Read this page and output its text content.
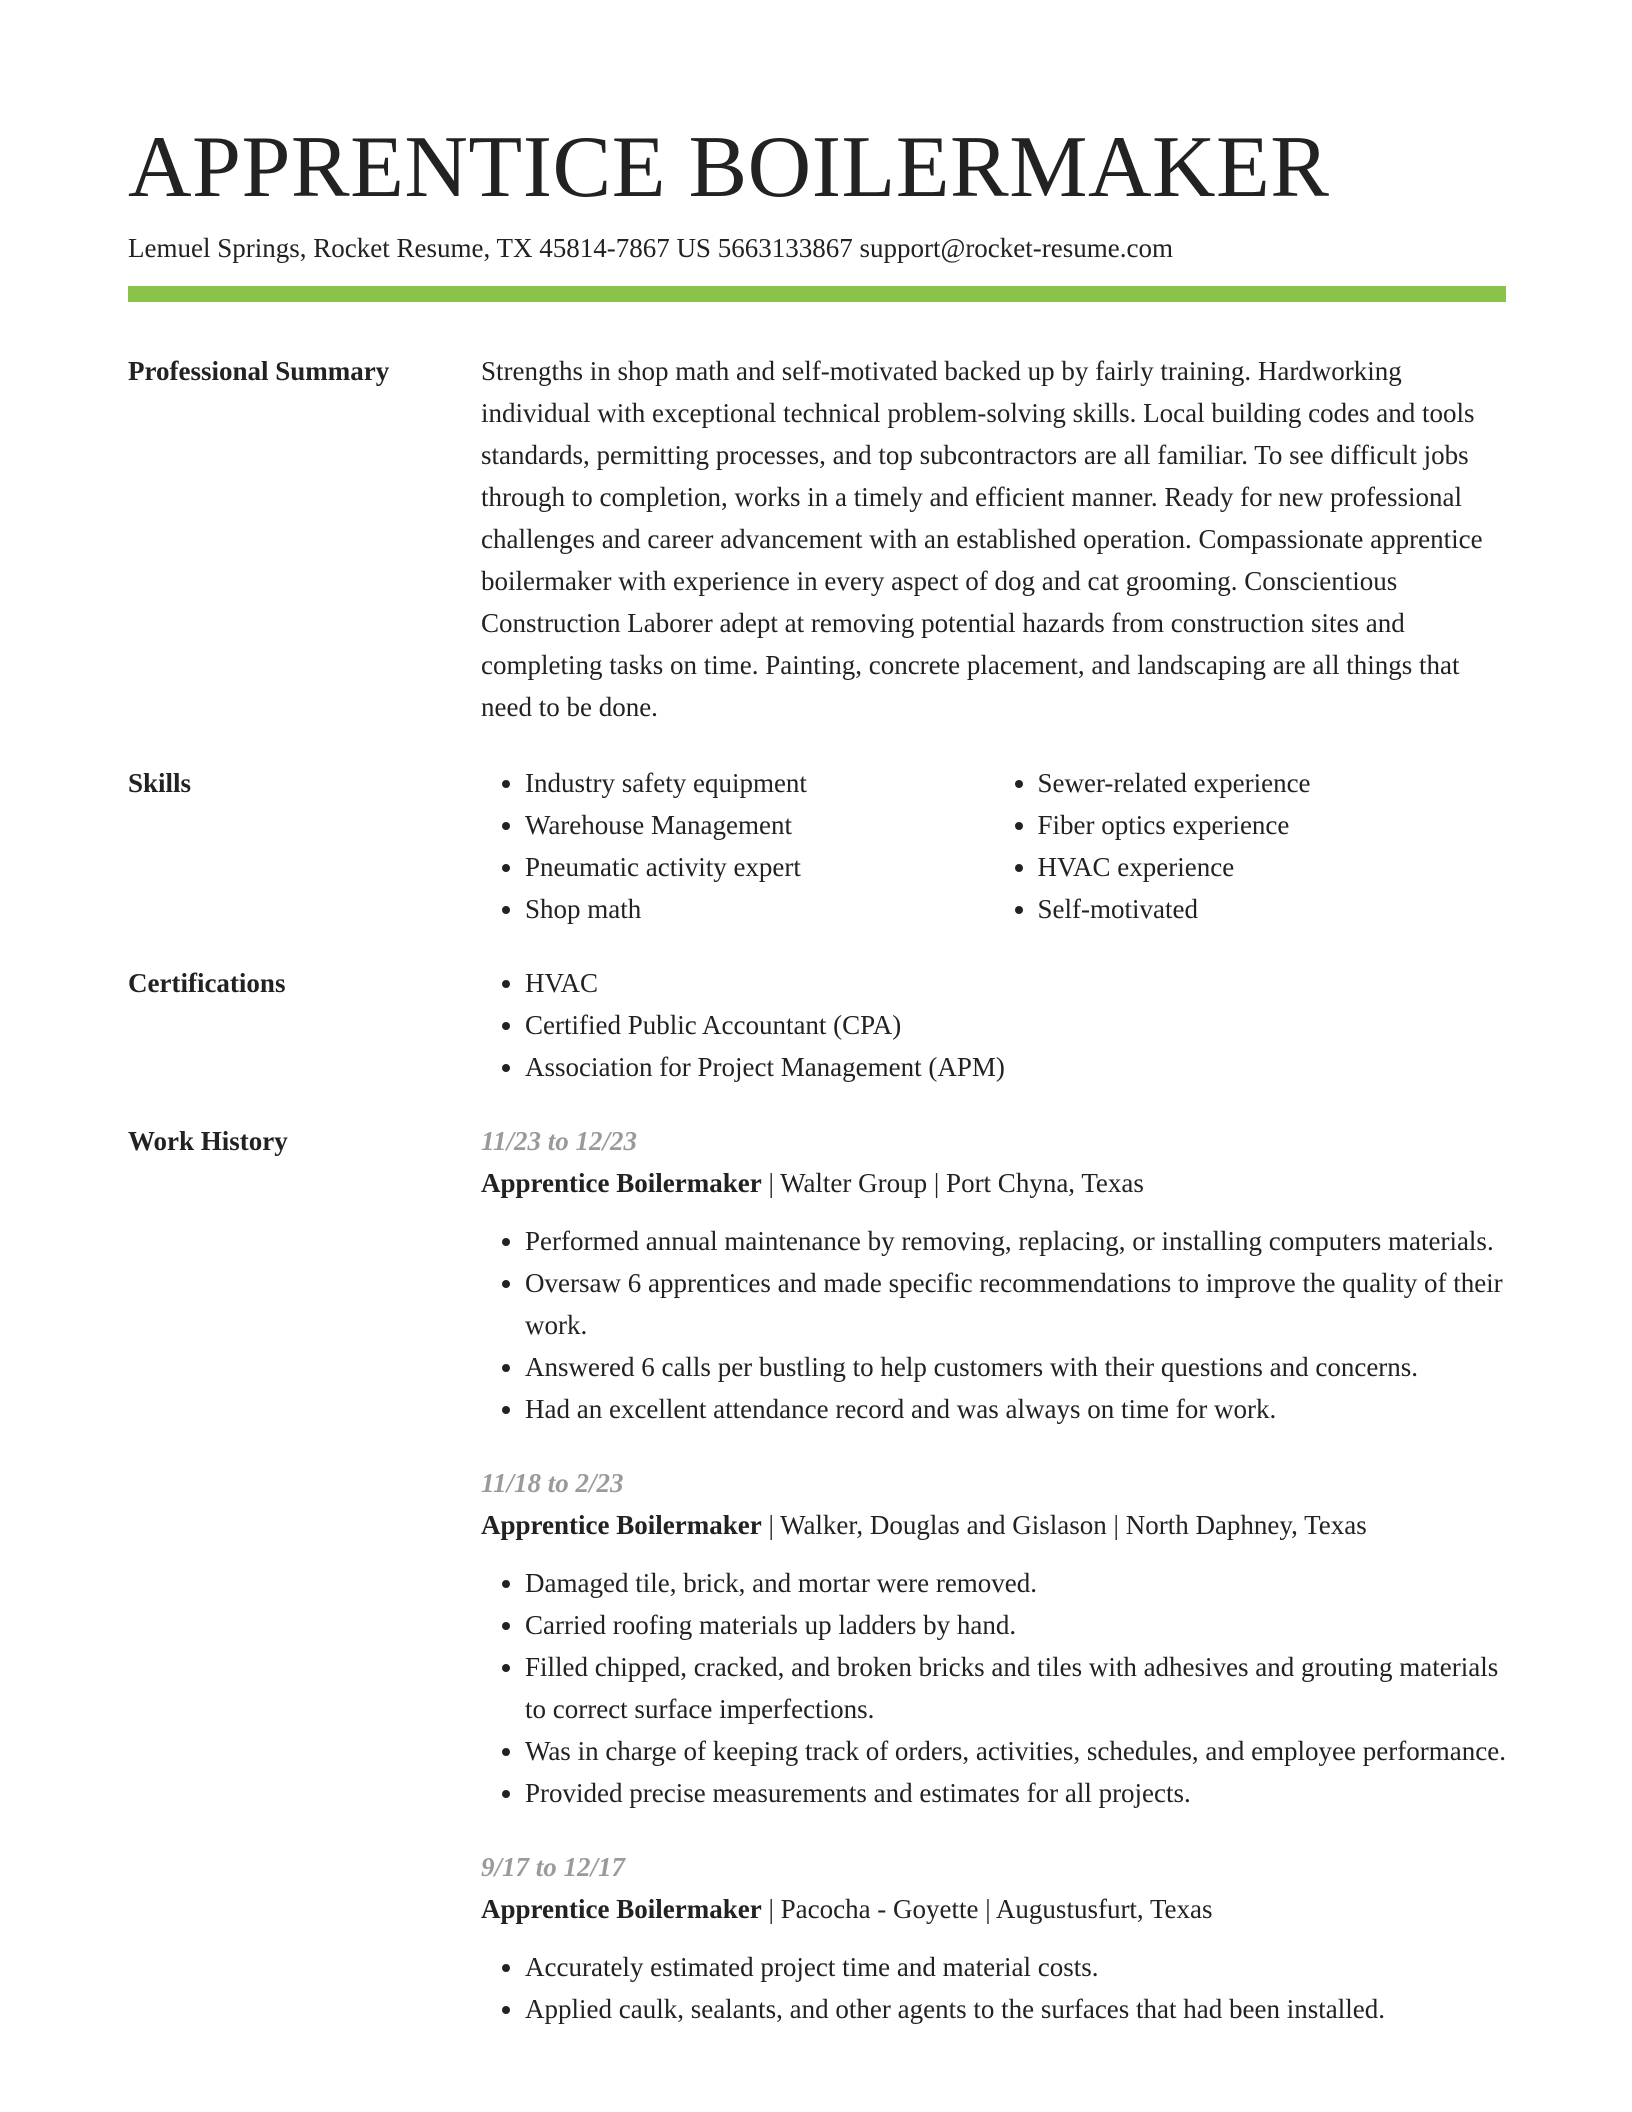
APPRENTICE BOILERMAKER
Lemuel Springs, Rocket Resume, TX 45814-7867 US 5663133867 support@rocket-resume.com
Professional Summary	Strengths in shop math and self-motivated backed up by fairly training. Hardworking individual with exceptional technical problem-solving skills. Local building codes and tools standards, permitting processes, and top subcontractors are all familiar. To see difficult jobs through to completion, works in a timely and efficient manner. Ready for new professional challenges and career advancement with an established operation. Compassionate apprentice boilermaker with experience in every aspect of dog and cat grooming. Conscientious Construction Laborer adept at removing potential hazards from construction sites and completing tasks on time. Painting, concrete placement, and landscaping are all things that need to be done.

Skills	• Industry safety equipment
• Warehouse Management
• Pneumatic activity expert
• Shop math
• Sewer-related experience
• Fiber optics experience
• HVAC experience
• Self-motivated
Certifications	• HVAC
• Certified Public Accountant (CPA)
• Association for Project Management (APM)
Work History	11/23 to 12/23
Apprentice Boilermaker | Walter Group | Port Chyna, Texas
• Performed annual maintenance by removing, replacing, or installing computers materials.
• Oversaw 6 apprentices and made specific recommendations to improve the quality of their work.
• Answered 6 calls per bustling to help customers with their questions and concerns.
• Had an excellent attendance record and was always on time for work.
11/18 to 2/23
Apprentice Boilermaker | Walker, Douglas and Gislason | North Daphney, Texas
• Damaged tile, brick, and mortar were removed.
• Carried roofing materials up ladders by hand.
• Filled chipped, cracked, and broken bricks and tiles with adhesives and grouting materials to correct surface imperfections.
• Was in charge of keeping track of orders, activities, schedules, and employee performance.
• Provided precise measurements and estimates for all projects.
9/17 to 12/17
Apprentice Boilermaker | Pacocha - Goyette | Augustusfurt, Texas
• Accurately estimated project time and material costs.
• Applied caulk, sealants, and other agents to the surfaces that had been installed.
